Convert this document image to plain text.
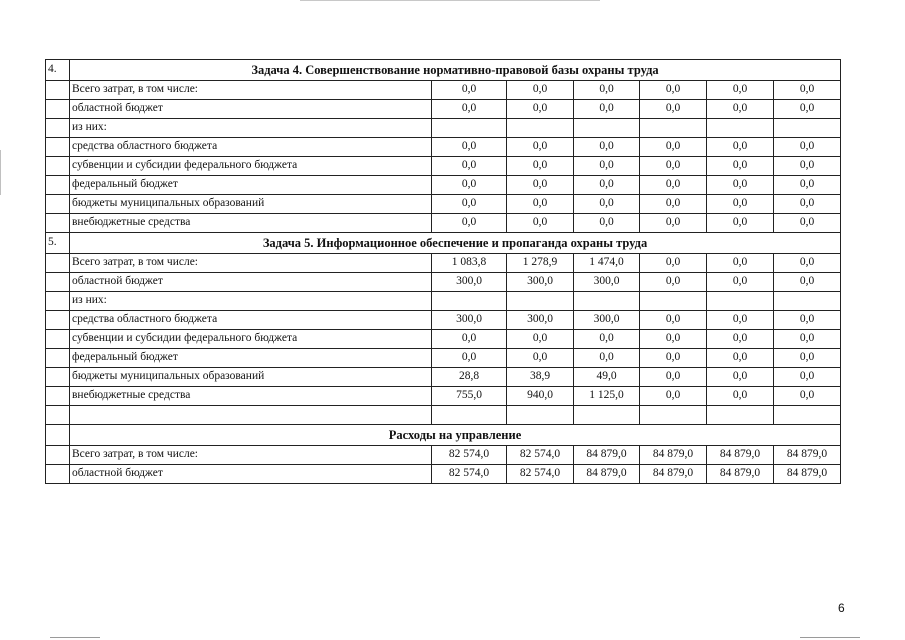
4.	Задача 4. Совершенствование нормативно-правовой базы охраны труда						
	Всего затрат, в том числе:	0,0	0,0	0,0	0,0	0,0	0,0
	областной бюджет	0,0	0,0	0,0	0,0	0,0	0,0
	из них:						
	средства областного бюджета	0,0	0,0	0,0	0,0	0,0	0,0
	субвенции и субсидии федерального бюджета	0,0	0,0	0,0	0,0	0,0	0,0
	федеральный бюджет	0,0	0,0	0,0	0,0	0,0	0,0
	бюджеты муниципальных образований	0,0	0,0	0,0	0,0	0,0	0,0
	внебюджетные средства	0,0	0,0	0,0	0,0	0,0	0,0
5.	Задача 5. Информационное обеспечение и пропаганда охраны труда						
	Всего затрат, в том числе:	1 083,8	1 278,9	1 474,0	0,0	0,0	0,0
	областной бюджет	300,0	300,0	300,0	0,0	0,0	0,0
	из них:						
	средства областного бюджета	300,0	300,0	300,0	0,0	0,0	0,0
	субвенции и субсидии федерального бюджета	0,0	0,0	0,0	0,0	0,0	0,0
	федеральный бюджет	0,0	0,0	0,0	0,0	0,0	0,0
	бюджеты муниципальных образований	28,8	38,9	49,0	0,0	0,0	0,0
	внебюджетные средства	755,0	940,0	1 125,0	0,0	0,0	0,0

	Расходы на управление						
	Всего затрат, в том числе:	82 574,0	82 574,0	84 879,0	84 879,0	84 879,0	84 879,0
	областной бюджет	82 574,0	82 574,0	84 879,0	84 879,0	84 879,0	84 879,0
6
